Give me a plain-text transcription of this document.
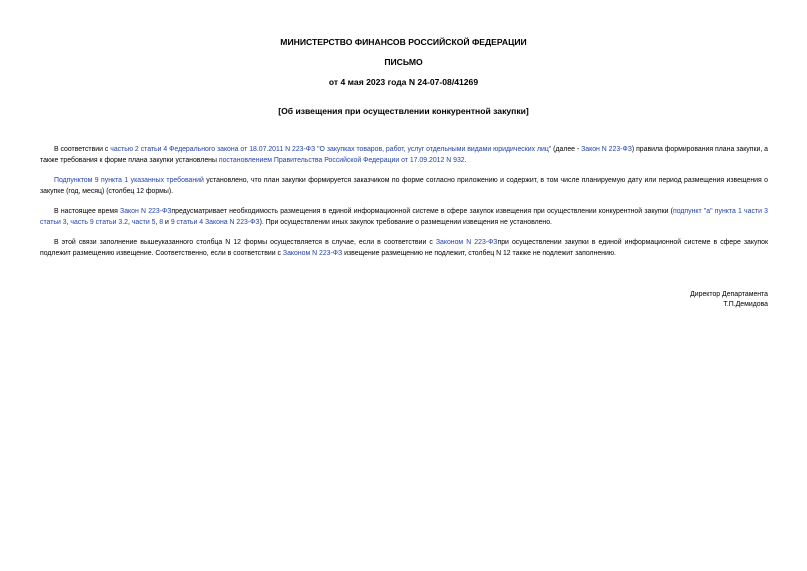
МИНИСТЕРСТВО ФИНАНСОВ РОССИЙСКОЙ ФЕДЕРАЦИИ
ПИСЬМО
от 4 мая 2023 года N 24-07-08/41269
[Об извещения при осуществлении конкурентной закупки]

В соответствии с частью 2 статьи 4 Федерального закона от 18.07.2011 N 223-ФЗ "О закупках товаров, работ, услуг отдельными видами юридических лиц" (далее - Закон N 223-ФЗ) правила формирования плана закупки, а также требования к форме плана закупки установлены постановлением Правительства Российской Федерации от 17.09.2012 N 932.

Подпунктом 9 пункта 1 указанных требований установлено, что план закупки формируется заказчиком по форме согласно приложению и содержит, в том числе планируемую дату или период размещения извещения о закупке (год, месяц) (столбец 12 формы).

В настоящее время Закон N 223-ФЗпредусматривает необходимость размещения в единой информационной системе в сфере закупок извещения при осуществлении конкурентной закупки (подпункт "а" пункта 1 части 3 статьи 3, часть 9 статьи 3.2, части 5, 8 и 9 статьи 4 Закона N 223-ФЗ). При осуществлении иных закупок требование о размещении извещения не установлено.

В этой связи заполнение вышеуказанного столбца N 12 формы осуществляется в случае, если в соответствии с Законом N 223-ФЗпри осуществлении закупки в единой информационной системе в сфере закупок подлежит размещению извещение. Соответственно, если в соответствии с Законом N 223-ФЗ извещение размещению не подлежит, столбец N 12 также не подлежит заполнению.

Директор Департамента
Т.П.Демидова
